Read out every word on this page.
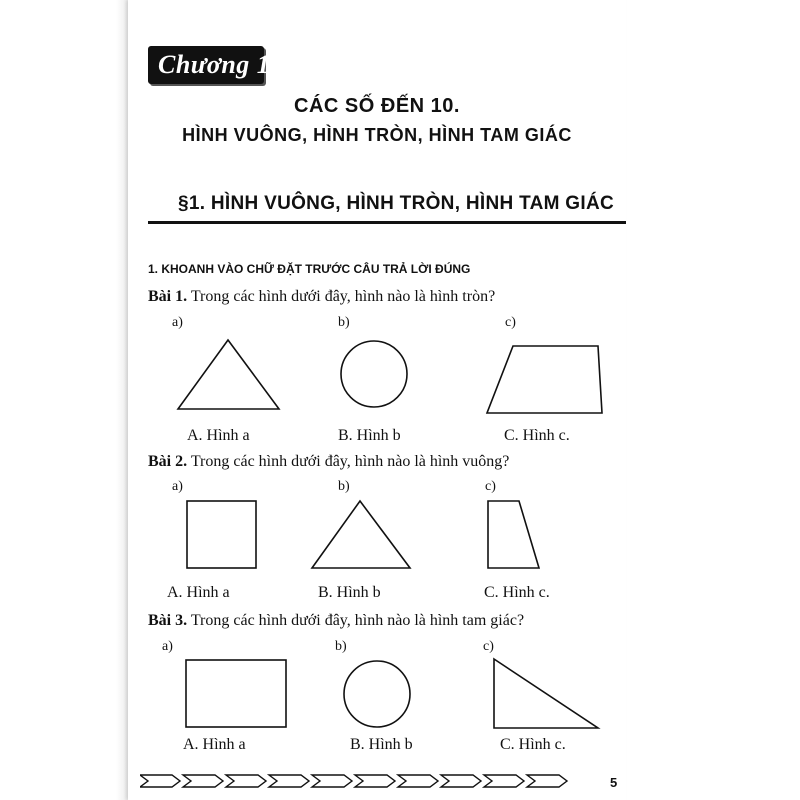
Chương 1.
CÁC SỐ ĐẾN 10.
HÌNH VUÔNG, HÌNH TRÒN, HÌNH TAM GIÁC
§1. HÌNH VUÔNG, HÌNH TRÒN, HÌNH TAM GIÁC
1. KHOANH VÀO CHỮ ĐẶT TRƯỚC CÂU TRẢ LỜI ĐÚNG
Bài 1. Trong các hình dưới đây, hình nào là hình tròn?
a)	b)	c)
A. Hình a	B. Hình b	C. Hình c.
Bài 2. Trong các hình dưới đây, hình nào là hình vuông?
a)	b)	c)
A. Hình a	B. Hình b	C. Hình c.
Bài 3. Trong các hình dưới đây, hình nào là hình tam giác?
a)	b)	c)
A. Hình a	B. Hình b	C. Hình c.
5
